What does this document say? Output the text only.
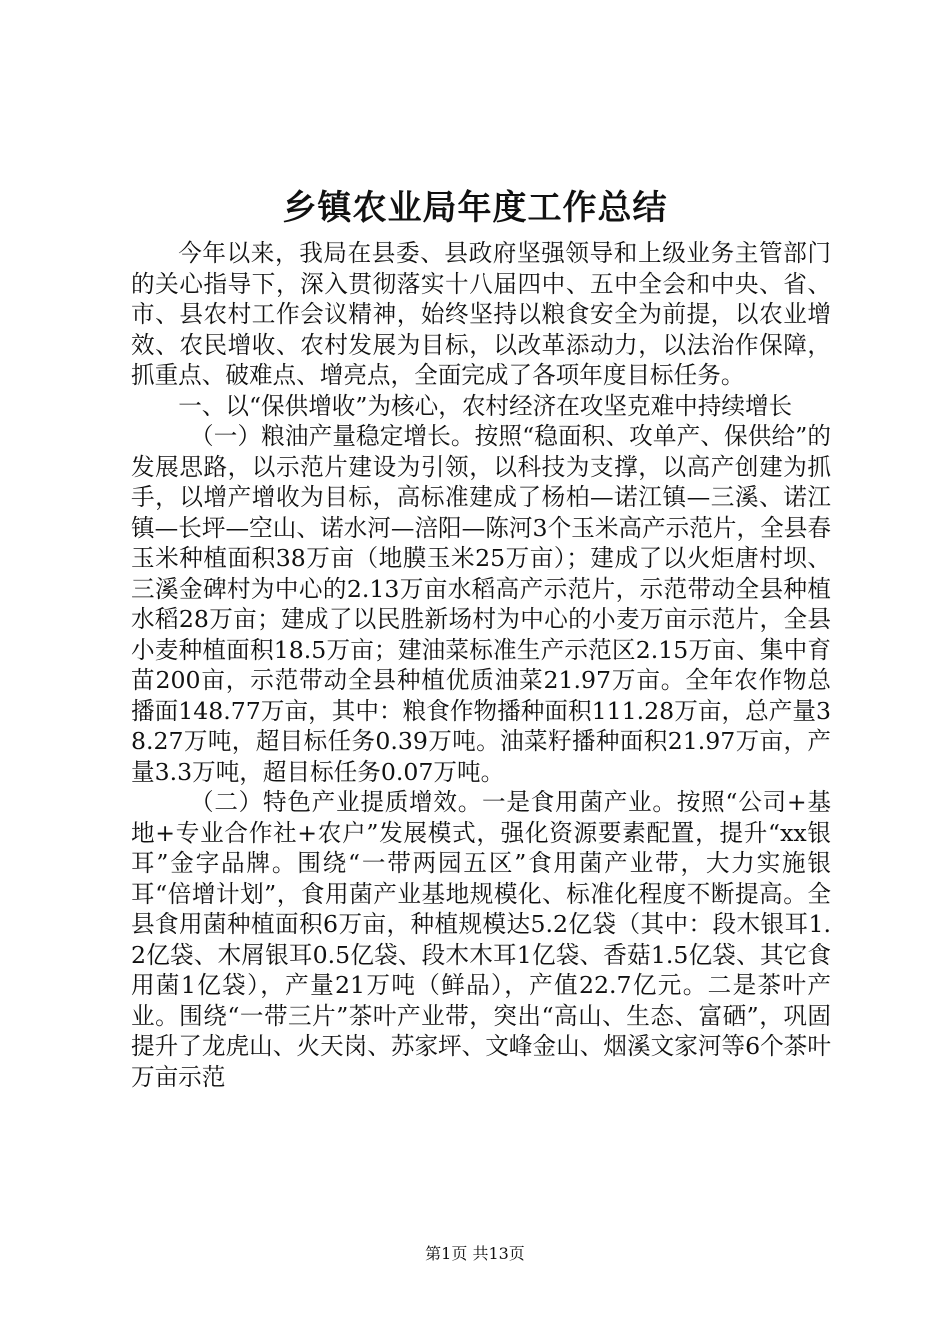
乡镇农业局年度工作总结

今年以来，我局在县委、县政府坚强领导和上级业务主管部门的关心指导下，深入贯彻落实十八届四中、五中全会和中央、省、市、县农村工作会议精神，始终坚持以粮食安全为前提，以农业增效、农民增收、农村发展为目标，以改革添动力，以法治作保障，抓重点、破难点、增亮点，全面完成了各项年度目标任务。

一、以“保供增收”为核心，农村经济在攻坚克难中持续增长

（一）粮油产量稳定增长。按照“稳面积、攻单产、保供给”的发展思路，以示范片建设为引领，以科技为支撑，以高产创建为抓手，以增产增收为目标，高标准建成了杨柏—诺江镇—三溪、诺江镇—长坪—空山、诺水河—涪阳—陈河3个玉米高产示范片，全县春玉米种植面积38万亩（地膜玉米25万亩）；建成了以火炬唐村坝、三溪金碑村为中心的2.13万亩水稻高产示范片，示范带动全县种植水稻28万亩；建成了以民胜新场村为中心的小麦万亩示范片，全县小麦种植面积18.5万亩；建油菜标准生产示范区2.15万亩、集中育苗200亩，示范带动全县种植优质油菜21.97万亩。全年农作物总播面148.77万亩，其中：粮食作物播种面积111.28万亩，总产量38.27万吨，超目标任务0.39万吨。油菜籽播种面积21.97万亩，产量3.3万吨，超目标任务0.07万吨。

（二）特色产业提质增效。一是食用菌产业。按照“公司+基地+专业合作社+农户”发展模式，强化资源要素配置，提升“xx银耳”金字品牌。围绕“一带两园五区”食用菌产业带，大力实施银耳“倍增计划”，食用菌产业基地规模化、标准化程度不断提高。全县食用菌种植面积6万亩，种植规模达5.2亿袋（其中：段木银耳1.2亿袋、木屑银耳0.5亿袋、段木木耳1亿袋、香菇1.5亿袋、其它食用菌1亿袋），产量21万吨（鲜品），产值22.7亿元。二是茶叶产业。围绕“一带三片”茶叶产业带，突出“高山、生态、富硒”，巩固提升了龙虎山、火天岗、苏家坪、文峰金山、烟溪文家河等6个茶叶万亩示范

第1页 共13页
